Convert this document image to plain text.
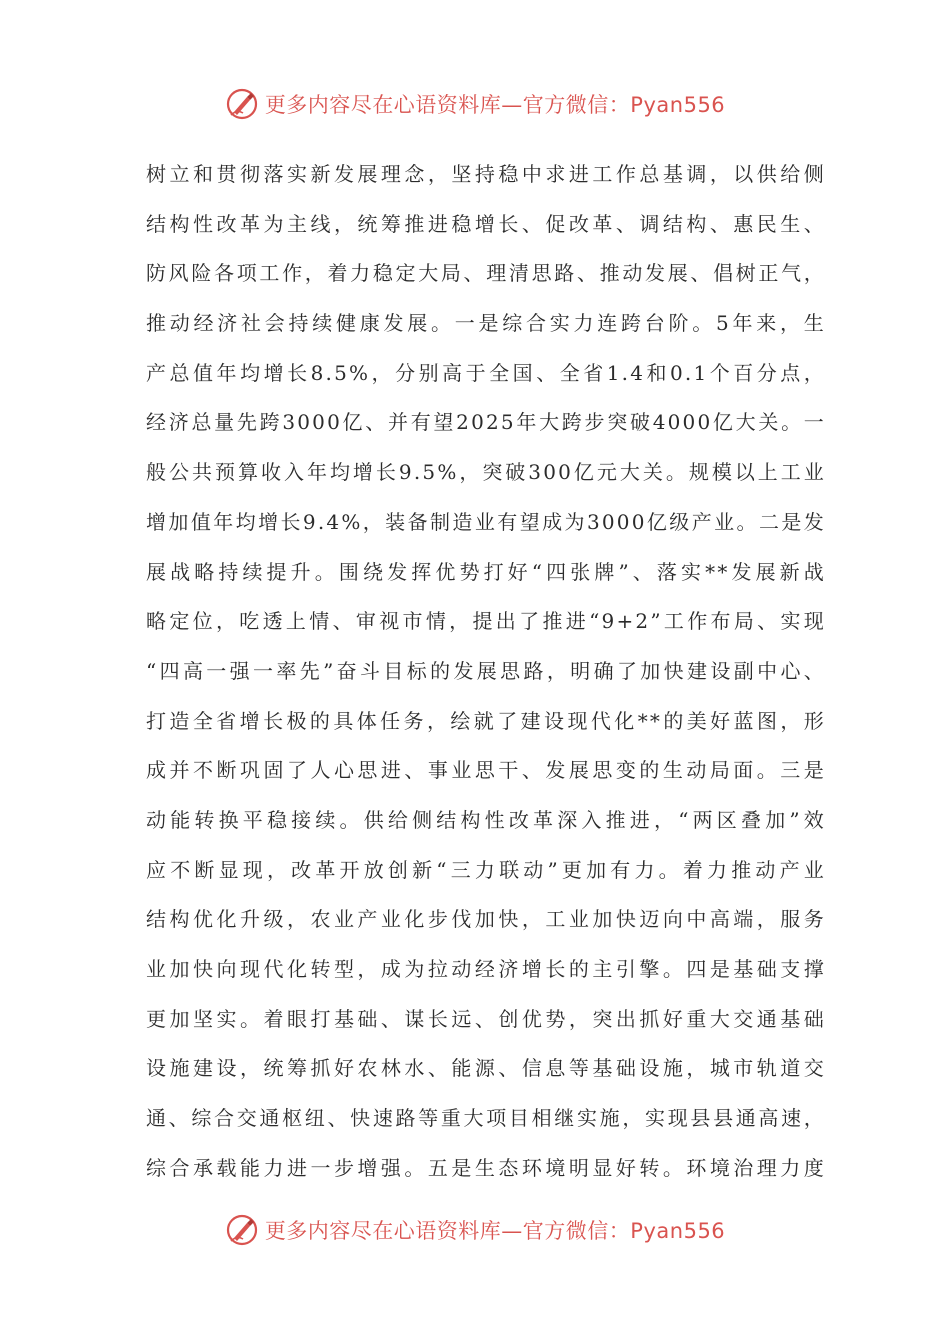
更多内容尽在心语资料库—官方微信：Pyan556
树立和贯彻落实新发展理念，坚持稳中求进工作总基调，以供给侧
结构性改革为主线，统筹推进稳增长、促改革、调结构、惠民生、
防风险各项工作，着力稳定大局、理清思路、推动发展、倡树正气，
推动经济社会持续健康发展。一是综合实力连跨台阶。5年来，生
产总值年均增长8.5%，分别高于全国、全省1.4和0.1个百分点，
经济总量先跨3000亿、并有望2025年大跨步突破4000亿大关。一
般公共预算收入年均增长9.5%，突破300亿元大关。规模以上工业
增加值年均增长9.4%，装备制造业有望成为3000亿级产业。二是发
展战略持续提升。围绕发挥优势打好“四张牌”、落实**发展新战
略定位，吃透上情、审视市情，提出了推进“9+2”工作布局、实现
“四高一强一率先”奋斗目标的发展思路，明确了加快建设副中心、
打造全省增长极的具体任务，绘就了建设现代化**的美好蓝图，形
成并不断巩固了人心思进、事业思干、发展思变的生动局面。三是
动能转换平稳接续。供给侧结构性改革深入推进，“两区叠加”效
应不断显现，改革开放创新“三力联动”更加有力。着力推动产业
结构优化升级，农业产业化步伐加快，工业加快迈向中高端，服务
业加快向现代化转型，成为拉动经济增长的主引擎。四是基础支撑
更加坚实。着眼打基础、谋长远、创优势，突出抓好重大交通基础
设施建设，统筹抓好农林水、能源、信息等基础设施，城市轨道交
通、综合交通枢纽、快速路等重大项目相继实施，实现县县通高速，
综合承载能力进一步增强。五是生态环境明显好转。环境治理力度
更多内容尽在心语资料库—官方微信：Pyan556
